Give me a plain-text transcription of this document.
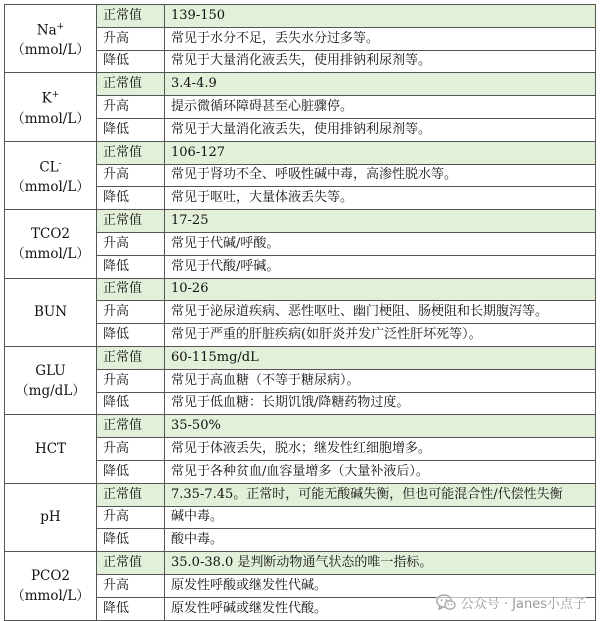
Na+
（mmol/L）	正常值	139-150
	升高	常见于水分不足，丢失水分过多等。
	降低	常见于大量消化液丢失，使用排钠利尿剂等。

K+
（mmol/L）	正常值	3.4-4.9
	升高	提示微循环障碍甚至心脏骤停。
	降低	常见于大量消化液丢失，使用排钠利尿剂等。

CL-
（mmol/L）	正常值	106-127
	升高	常见于肾功不全、呼吸性碱中毒，高渗性脱水等。
	降低	常见于呕吐，大量体液丢失等。

TCO2
（mmol/L）	正常值	17-25
	升高	常见于代碱/呼酸。
	降低	常见于代酸/呼碱。

BUN	正常值	10-26
	升高	常见于泌尿道疾病、恶性呕吐、幽门梗阻、肠梗阻和长期腹泻等。
	降低	常见于严重的肝脏疾病(如肝炎并发广泛性肝坏死等）。

GLU
（mg/dL）	正常值	60-115mg/dL
	升高	常见于高血糖（不等于糖尿病）。
	降低	常见于低血糖：长期饥饿/降糖药物过度。

HCT	正常值	35-50%
	升高	常见于体液丢失，脱水；继发性红细胞增多。
	降低	常见于各种贫血/血容量增多（大量补液后）。

pH	正常值	7.35-7.45。正常时，可能无酸碱失衡，但也可能混合性/代偿性失衡
	升高	碱中毒。
	降低	酸中毒。

PCO2
（mmol/L）	正常值	35.0-38.0 是判断动物通气状态的唯一指标。
	升高	原发性呼酸或继发性代碱。
	降低	原发性呼碱或继发性代酸。	公众号 · Janes小点子
